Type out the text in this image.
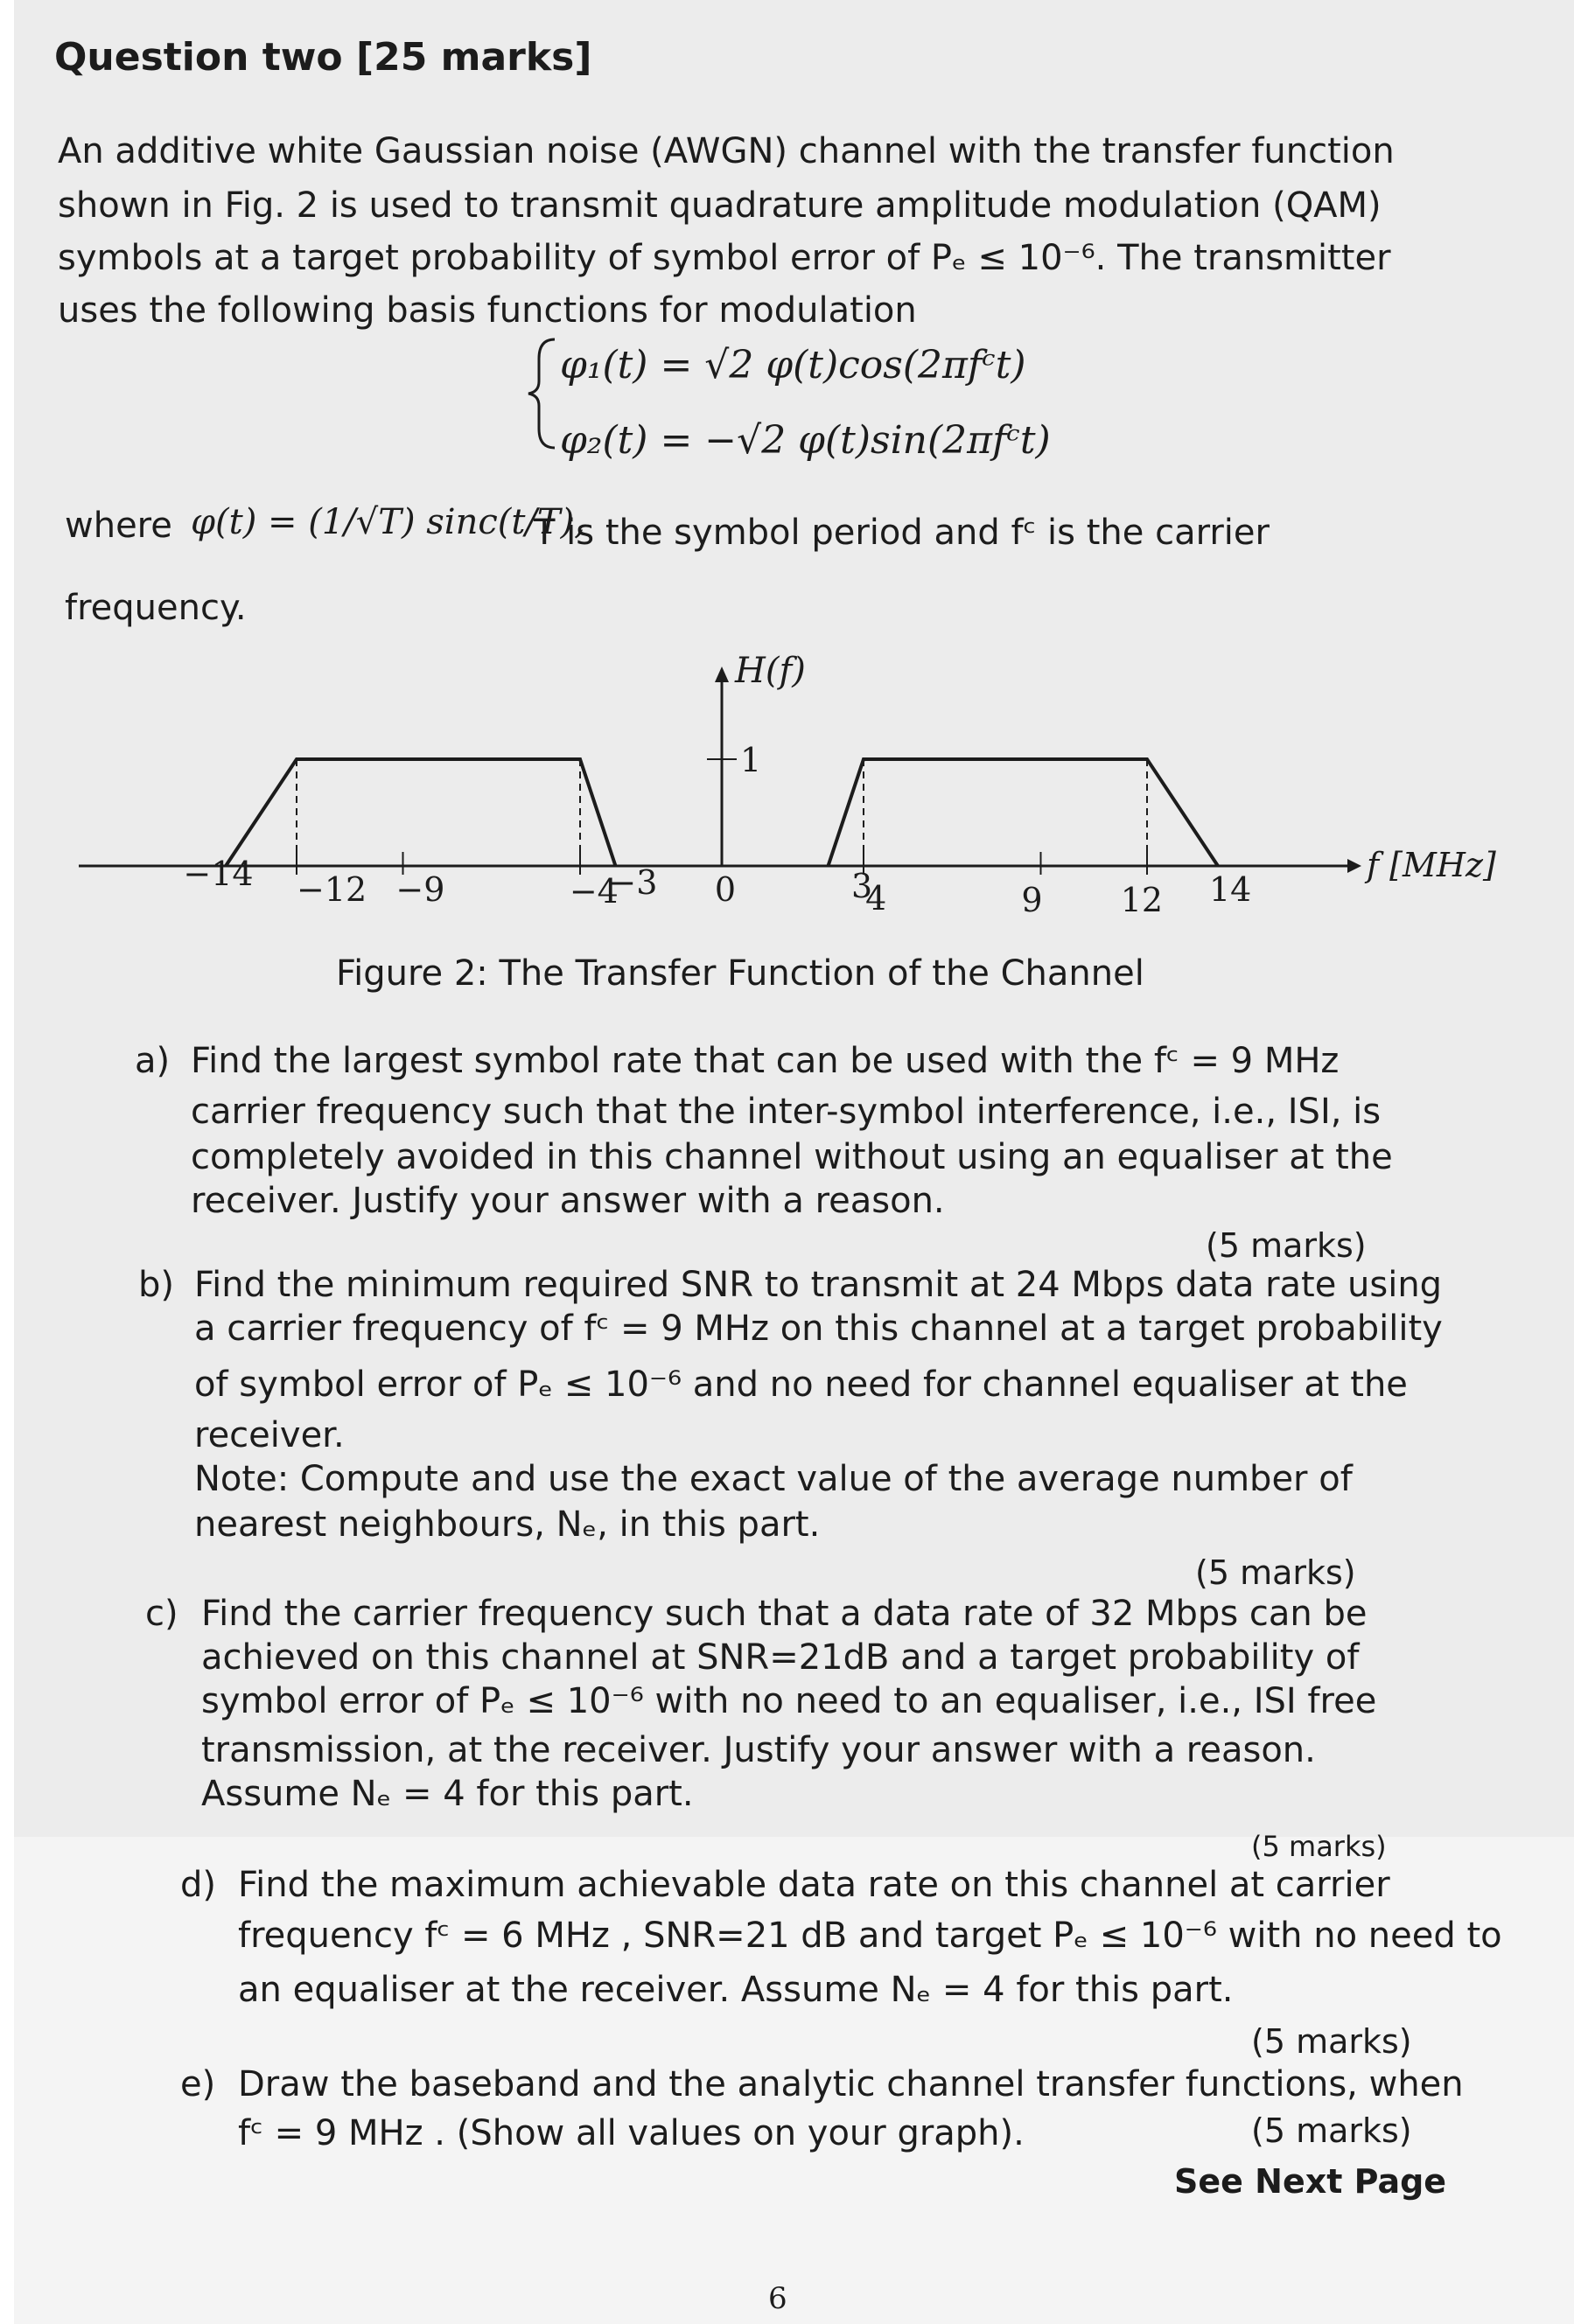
Question two [25 marks]
An additive white Gaussian noise (AWGN) channel with the transfer function
shown in Fig. 2 is used to transmit quadrature amplitude modulation (QAM)
symbols at a target probability of symbol error of Pₑ ≤ 10⁻⁶. The transmitter
uses the following basis functions for modulation
φ₁(t) = √2 φ(t)cos(2πfᶜt)
φ₂(t) = −√2 φ(t)sin(2πfᶜt)
where φ(t) = (1/√T) sinc(t/T),
T is the symbol period and fᶜ is the carrier
frequency.
H(f)
f [MHz]
1
−14 −12 −9	−4
−3 0	3
4	9 12 14
Figure 2: The Transfer Function of the Channel
a) Find the largest symbol rate that can be used with the fᶜ = 9 MHz
carrier frequency such that the inter-symbol interference, i.e., ISI, is
completely avoided in this channel without using an equaliser at the
receiver. Justify your answer with a reason.
(5 marks)
b) Find the minimum required SNR to transmit at 24 Mbps data rate using
a carrier frequency of fᶜ = 9 MHz on this channel at a target probability
of symbol error of Pₑ ≤ 10⁻⁶ and no need for channel equaliser at the
receiver.
Note: Compute and use the exact value of the average number of
nearest neighbours, Nₑ, in this part.
(5 marks)
c) Find the carrier frequency such that a data rate of 32 Mbps can be
achieved on this channel at SNR=21dB and a target probability of
symbol error of Pₑ ≤ 10⁻⁶ with no need to an equaliser, i.e., ISI free
transmission, at the receiver. Justify your answer with a reason.
Assume Nₑ = 4 for this part.
(5 marks)
d) Find the maximum achievable data rate on this channel at carrier
frequency fᶜ = 6 MHz , SNR=21 dB and target Pₑ ≤ 10⁻⁶ with no need to
an equaliser at the receiver. Assume Nₑ = 4 for this part.
(5 marks)
e) Draw the baseband and the analytic channel transfer functions, when
fᶜ = 9 MHz . (Show all values on your graph).	(5 marks)
See Next Page
6
